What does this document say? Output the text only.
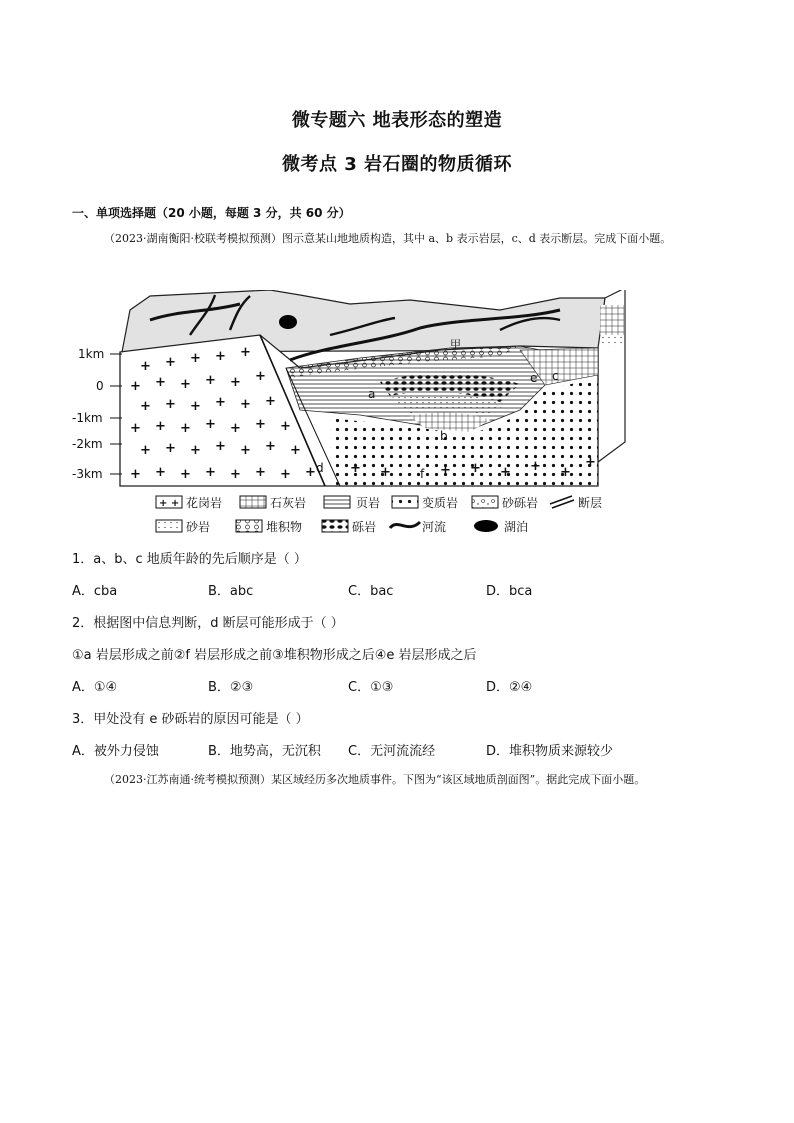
微专题六 地表形态的塑造
微考点 3 岩石圈的物质循环
一、单项选择题（20 小题，每题 3 分，共 60 分）
（2023·湖南衡阳·校联考模拟预测）图示意某山地地质构造，其中 a、b 表示岩层，c、d 表示断层。完成下面小题。
+ + + + +
+ + + + + +
+ + + + + +
+ + + + + + +
+ + + + + + +
+ + + + + + + +	+ +	+ + + + +
+
1km
0
-1km
-2km
-3km
甲
a
b
c
d
e
f
+ + 花岗岩	石灰岩	页岩	变质岩	砂砾岩	断层
砂岩	堆积物	砾岩	河流	湖泊
1．a、b、c 地质年龄的先后顺序是（ ）
A．cba	B．abc	C．bac	D．bca
2．根据图中信息判断，d 断层可能形成于（ ）
①a 岩层形成之前②f 岩层形成之前③堆积物形成之后④e 岩层形成之后
A．①④	B．②③	C．①③	D．②④
3．甲处没有 e 砂砾岩的原因可能是（ ）
A．被外力侵蚀	B．地势高，无沉积 C．无河流流经	D．堆积物质来源较少
（2023·江苏南通·统考模拟预测）某区域经历多次地质事件。下图为“该区域地质剖面图”。据此完成下面小题。
